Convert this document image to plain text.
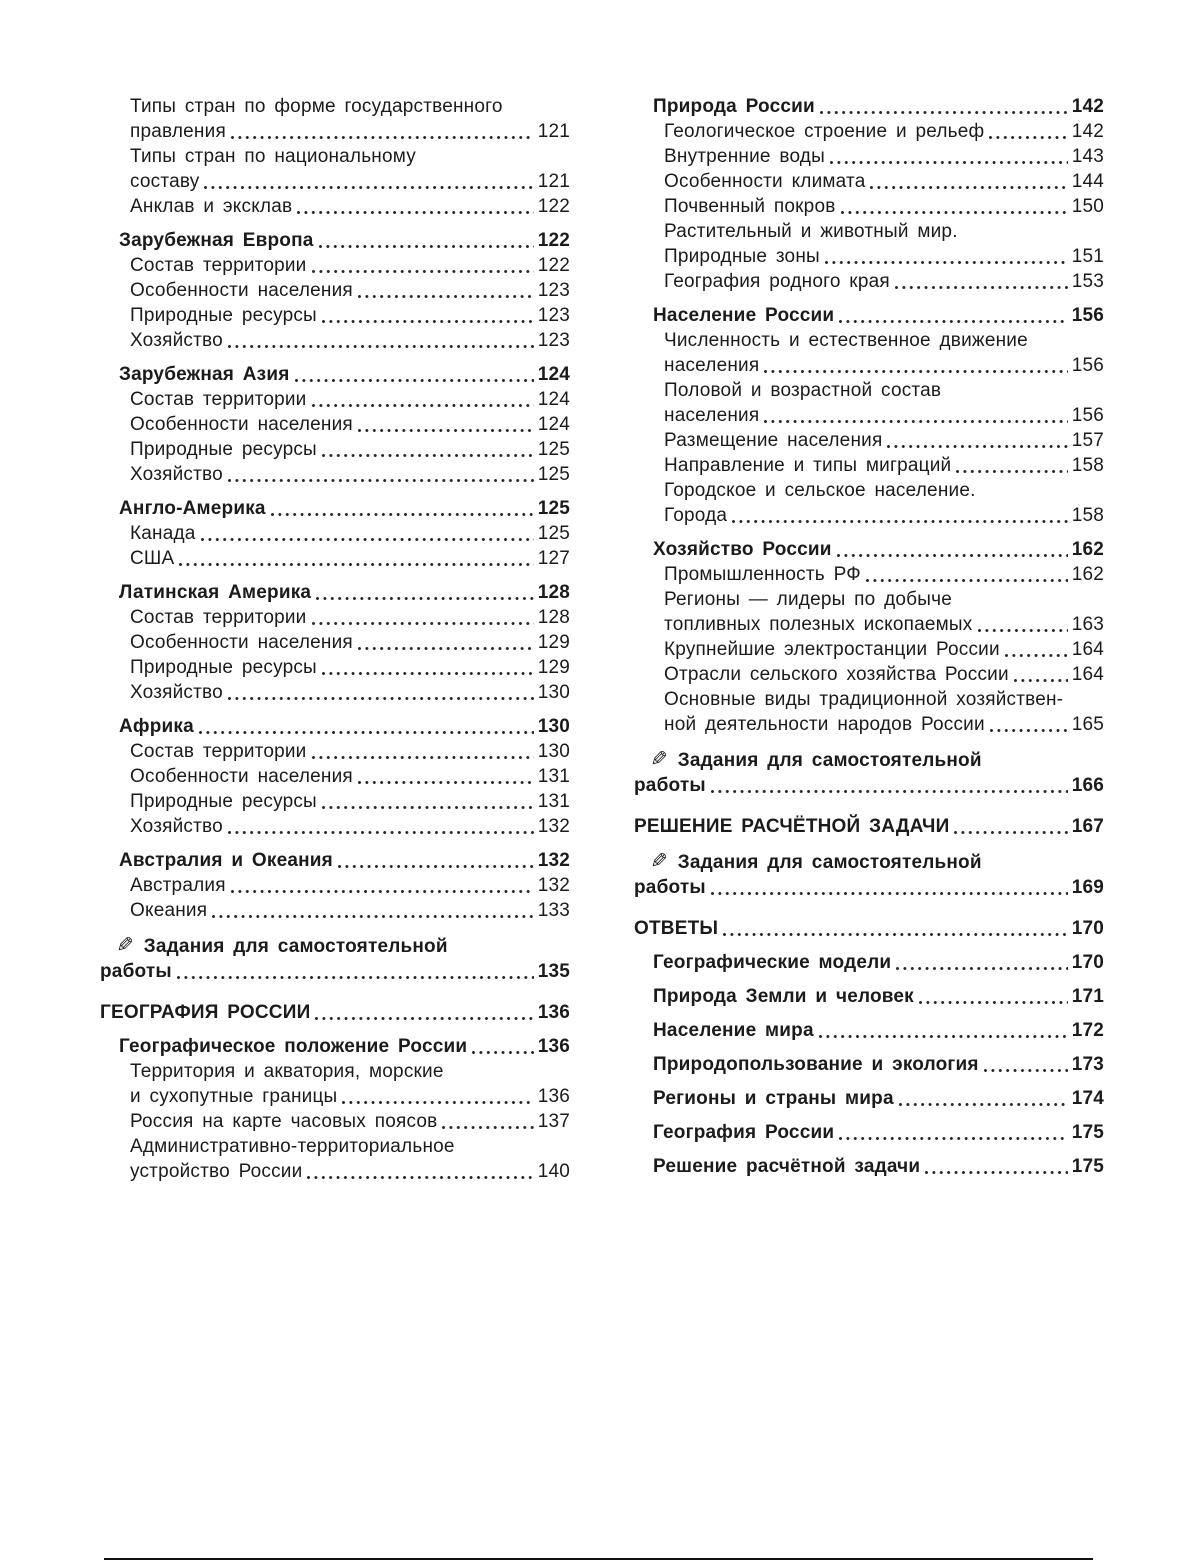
Типы стран по форме государственного
правления	121
Типы стран по национальному
составу	121
Анклав и эксклав	122
Зарубежная Европа	122
Состав территории	122
Особенности населения	123
Природные ресурсы	123
Хозяйство	123
Зарубежная Азия	124
Состав территории	124
Особенности населения	124
Природные ресурсы	125
Хозяйство	125
Англо-Америка	125
Канада	125
США	127
Латинская Америка	128
Состав территории	128
Особенности населения	129
Природные ресурсы	129
Хозяйство	130
Африка	130
Состав территории	130
Особенности населения	131
Природные ресурсы	131
Хозяйство	132
Австралия и Океания	132
Австралия	132
Океания	133
✎ Задания для самостоятельной
работы	135
ГЕОГРАФИЯ РОССИИ	136
Географическое положение России	136
Территория и акватория, морские
и сухопутные границы	136
Россия на карте часовых поясов	137
Административно-территориальное
устройство России	140
Природа России	142
Геологическое строение и рельеф	142
Внутренние воды	143
Особенности климата	144
Почвенный покров	150
Растительный и животный мир.
Природные зоны	151
География родного края	153
Население России	156
Численность и естественное движение
населения	156
Половой и возрастной состав
населения	156
Размещение населения	157
Направление и типы миграций	158
Городское и сельское население.
Города	158
Хозяйство России	162
Промышленность РФ	162
Регионы — лидеры по добыче
топливных полезных ископаемых	163
Крупнейшие электростанции России	164
Отрасли сельского хозяйства России	164
Основные виды традиционной хозяйствен-
ной деятельности народов России	165
✎ Задания для самостоятельной
работы	166
РЕШЕНИЕ РАСЧЁТНОЙ ЗАДАЧИ	167
✎ Задания для самостоятельной
работы	169
ОТВЕТЫ	170
Географические модели	170
Природа Земли и человек	171
Население мира	172
Природопользование и экология	173
Регионы и страны мира	174
География России	175
Решение расчётной задачи	175
